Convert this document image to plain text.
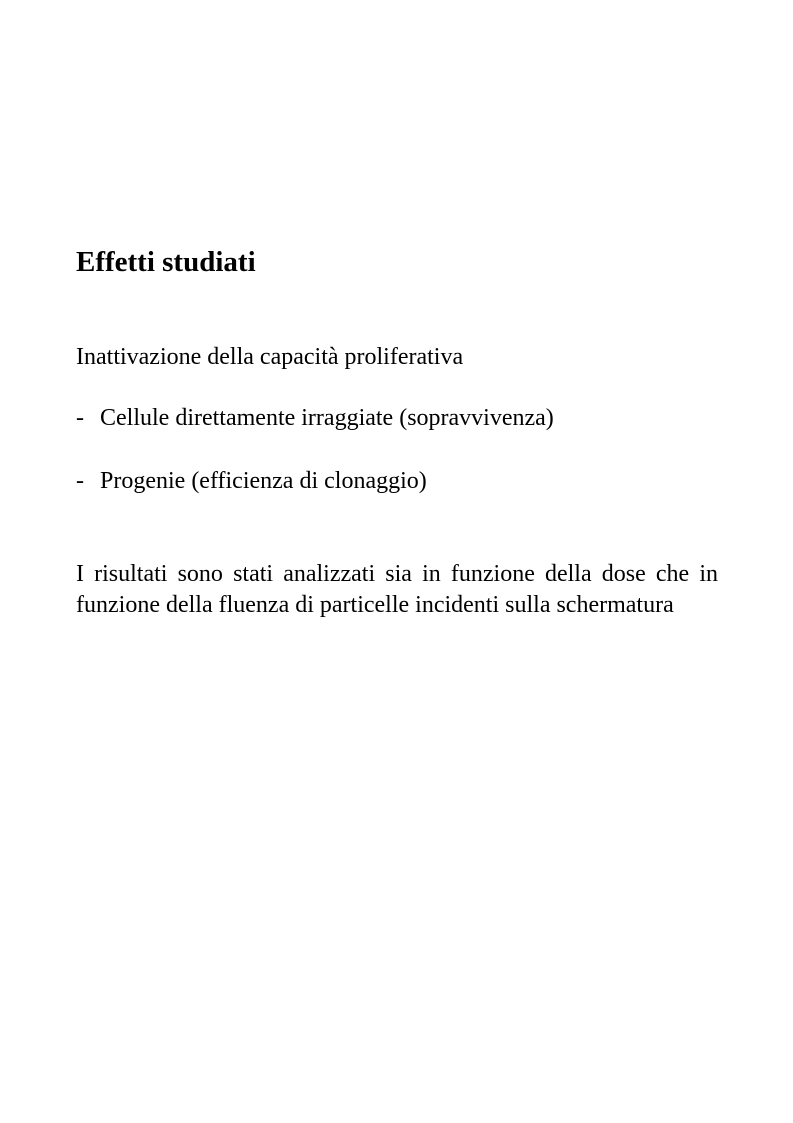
Effetti studiati

Inattivazione della capacità proliferativa

- Cellule direttamente irraggiate (sopravvivenza)

- Progenie (efficienza di clonaggio)

I risultati sono stati analizzati sia in funzione della dose che in funzione della fluenza di particelle incidenti sulla schermatura
